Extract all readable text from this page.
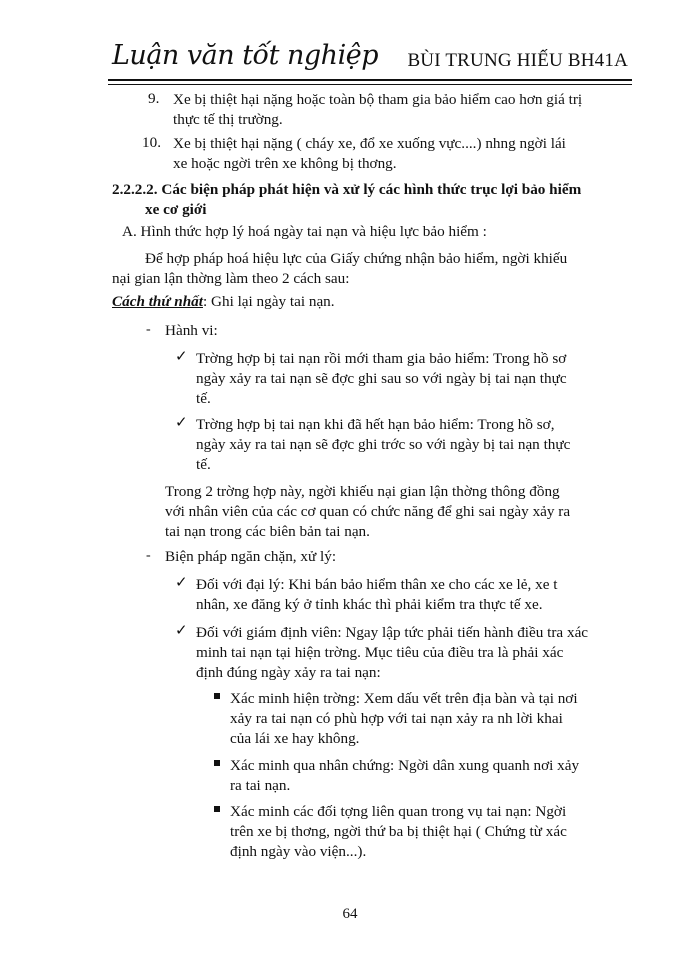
Luận văn tốt nghiệp BÙI TRUNG HIẾU BH41A
9. Xe bị thiệt hại nặng hoặc toàn bộ tham gia bảo hiểm cao hơn giá trị
thực tế thị trường.
10. Xe bị thiệt hại nặng ( cháy xe, đổ xe xuống vực....) nhng ngời lái
xe hoặc ngời trên xe không bị thơng.
2.2.2.2. Các biện pháp phát hiện và xử lý các hình thức trục lợi bảo hiểm
xe cơ giới
A. Hình thức hợp lý hoá ngày tai nạn và hiệu lực bảo hiểm :
Để hợp pháp hoá hiệu lực của Giấy chứng nhận bảo hiểm, ngời khiếu
nại gian lận thờng làm theo 2 cách sau:
Cách thứ nhất: Ghi lại ngày tai nạn.
- Hành vi:
✓ Trờng hợp bị tai nạn rồi mới tham gia bảo hiểm: Trong hồ sơ
ngày xảy ra tai nạn sẽ đợc ghi sau so với ngày bị tai nạn thực
tế.
✓ Trờng hợp bị tai nạn khi đã hết hạn bảo hiểm: Trong hồ sơ,
ngày xảy ra tai nạn sẽ đợc ghi trớc so với ngày bị tai nạn thực
tế.
Trong 2 trờng hợp này, ngời khiếu nại gian lận thờng thông đồng
với nhân viên của các cơ quan có chức năng để ghi sai ngày xảy ra
tai nạn trong các biên bản tai nạn.
- Biện pháp ngăn chặn, xử lý:
✓ Đối với đại lý: Khi bán bảo hiểm thân xe cho các xe lẻ, xe t
nhân, xe đăng ký ở tỉnh khác thì phải kiểm tra thực tế xe.
✓ Đối với giám định viên: Ngay lập tức phải tiến hành điều tra xác
minh tai nạn tại hiện trờng. Mục tiêu của điều tra là phải xác
định đúng ngày xảy ra tai nạn:
Xác minh hiện trờng: Xem dấu vết trên địa bàn và tại nơi
xảy ra tai nạn có phù hợp với tai nạn xảy ra nh lời khai
của lái xe hay không.
Xác minh qua nhân chứng: Ngời dân xung quanh nơi xảy
ra tai nạn.
Xác minh các đối tợng liên quan trong vụ tai nạn: Ngời
trên xe bị thơng, ngời thứ ba bị thiệt hại ( Chứng từ xác
định ngày vào viện...).
64
